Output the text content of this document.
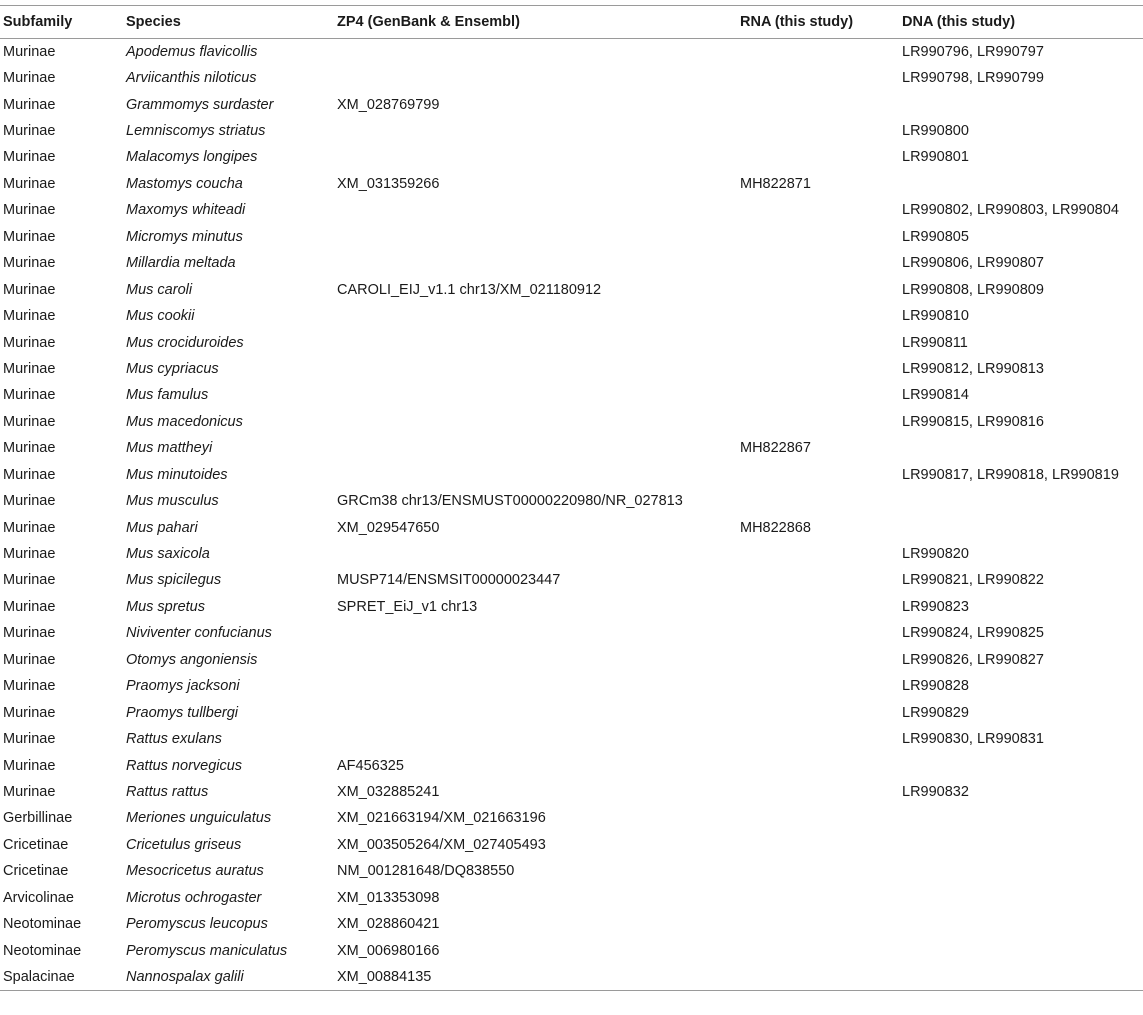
Subfamily	Species	ZP4 (GenBank & Ensembl)	RNA (this study)	DNA (this study)
Murinae	Apodemus flavicollis			LR990796, LR990797
Murinae	Arviicanthis niloticus			LR990798, LR990799
Murinae	Grammomys surdaster	XM_028769799		
Murinae	Lemniscomys striatus			LR990800
Murinae	Malacomys longipes			LR990801
Murinae	Mastomys coucha	XM_031359266	MH822871	
Murinae	Maxomys whiteadi			LR990802, LR990803, LR990804
Murinae	Micromys minutus			LR990805
Murinae	Millardia meltada			LR990806, LR990807
Murinae	Mus caroli	CAROLI_EIJ_v1.1 chr13/XM_021180912		LR990808, LR990809
Murinae	Mus cookii			LR990810
Murinae	Mus crociduroides			LR990811
Murinae	Mus cypriacus			LR990812, LR990813
Murinae	Mus famulus			LR990814
Murinae	Mus macedonicus			LR990815, LR990816
Murinae	Mus mattheyi		MH822867	
Murinae	Mus minutoides			LR990817, LR990818, LR990819
Murinae	Mus musculus	GRCm38 chr13/ENSMUST00000220980/NR_027813		
Murinae	Mus pahari	XM_029547650	MH822868	
Murinae	Mus saxicola			LR990820
Murinae	Mus spicilegus	MUSP714/ENSMSIT00000023447		LR990821, LR990822
Murinae	Mus spretus	SPRET_EiJ_v1 chr13		LR990823
Murinae	Niviventer confucianus			LR990824, LR990825
Murinae	Otomys angoniensis			LR990826, LR990827
Murinae	Praomys jacksoni			LR990828
Murinae	Praomys tullbergi			LR990829
Murinae	Rattus exulans			LR990830, LR990831
Murinae	Rattus norvegicus	AF456325		
Murinae	Rattus rattus	XM_032885241		LR990832
Gerbillinae	Meriones unguiculatus	XM_021663194/XM_021663196		
Cricetinae	Cricetulus griseus	XM_003505264/XM_027405493		
Cricetinae	Mesocricetus auratus	NM_001281648/DQ838550		
Arvicolinae	Microtus ochrogaster	XM_013353098		
Neotominae	Peromyscus leucopus	XM_028860421		
Neotominae	Peromyscus maniculatus	XM_006980166		
Spalacinae	Nannospalax galili	XM_00884135		
